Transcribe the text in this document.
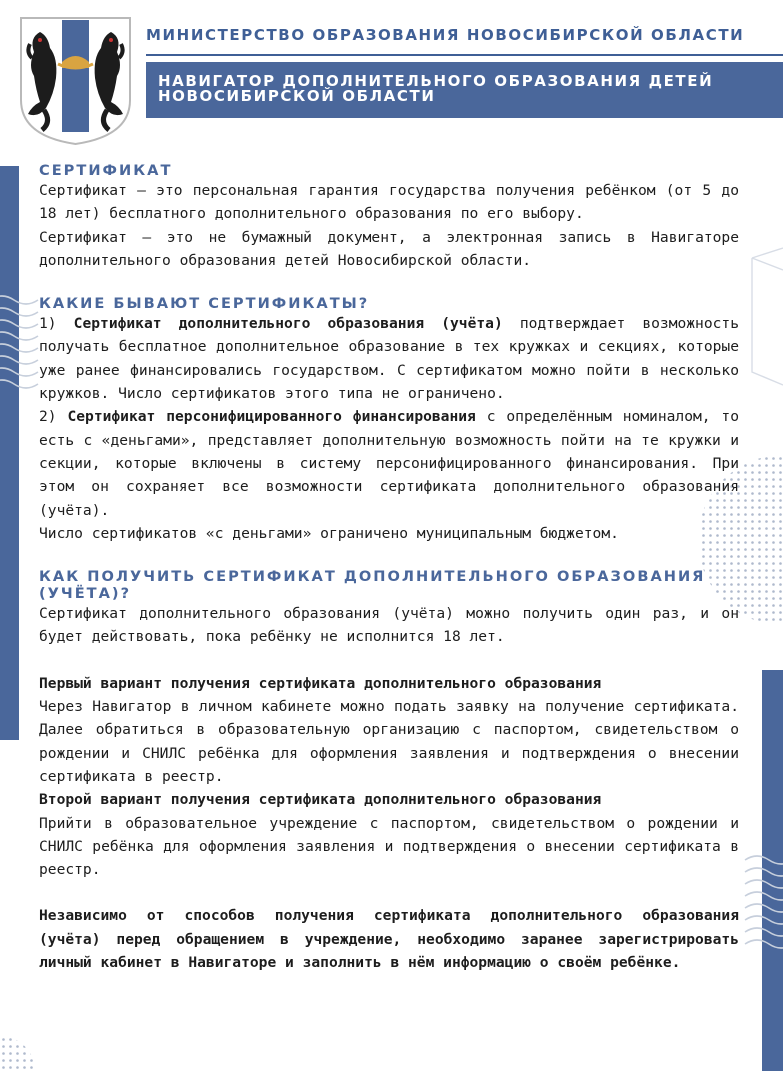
МИНИСТЕРСТВО ОБРАЗОВАНИЯ НОВОСИБИРСКОЙ ОБЛАСТИ
НАВИГАТОР ДОПОЛНИТЕЛЬНОГО ОБРАЗОВАНИЯ ДЕТЕЙ
НОВОСИБИРСКОЙ ОБЛАСТИ

СЕРТИФИКАТ

Сертификат – это персональная гарантия государства получения ребёнком (от 5 до 18 лет) бесплатного дополнительного образования по его выбору.

Сертификат – это не бумажный документ, а электронная запись в Навигаторе дополнительного образования детей Новосибирской области.

КАКИЕ БЫВАЮТ СЕРТИФИКАТЫ?

1) Сертификат дополнительного образования (учёта) подтверждает возможность получать бесплатное дополнительное образование в тех кружках и секциях, которые уже ранее финансировались государством. С сертификатом можно пойти в несколько кружков. Число сертификатов этого типа не ограничено.

2) Сертификат персонифицированного финансирования с определённым номиналом, то есть с «деньгами», представляет дополнительную возможность пойти на те кружки и секции, которые включены в систему персонифицированного финансирования. При этом он сохраняет все возможности сертификата дополнительного образования (учёта).

Число сертификатов «с деньгами» ограничено муниципальным бюджетом.

КАК ПОЛУЧИТЬ СЕРТИФИКАТ ДОПОЛНИТЕЛЬНОГО ОБРАЗОВАНИЯ (УЧЁТА)?

Сертификат дополнительного образования (учёта) можно получить один раз, и он будет действовать, пока ребёнку не исполнится 18 лет.

Первый вариант получения сертификата дополнительного образования

Через Навигатор в личном кабинете можно подать заявку на получение сертификата. Далее обратиться в образовательную организацию с паспортом, свидетельством о рождении и СНИЛС ребёнка для оформления заявления и подтверждения о внесении сертификата в реестр.

Второй вариант получения сертификата дополнительного образования

Прийти в образовательное учреждение с паспортом, свидетельством о рождении и СНИЛС ребёнка для оформления заявления и подтверждения о внесении сертификата в реестр.

Независимо от способов получения сертификата дополнительного образования (учёта) перед обращением в учреждение, необходимо заранее зарегистрировать личный кабинет в Навигаторе и заполнить в нём информацию о своём ребёнке.
